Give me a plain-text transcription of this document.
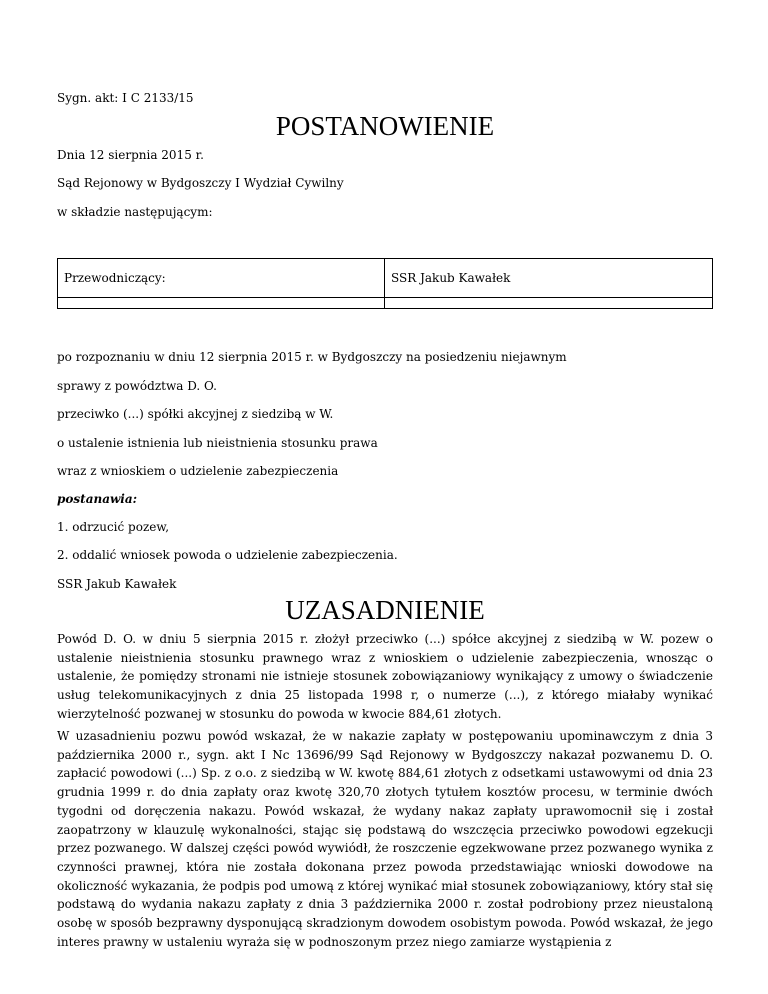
Sygn. akt: I C 2133/15
POSTANOWIENIE
Dnia 12 sierpnia 2015 r.
Sąd Rejonowy w Bydgoszczy I Wydział Cywilny
w składzie następującym:
Przewodniczący:	SSR Jakub Kawałek

po rozpoznaniu w dniu 12 sierpnia 2015 r. w Bydgoszczy na posiedzeniu niejawnym
sprawy z powództwa D. O.
przeciwko (...) spółki akcyjnej z siedzibą w W.
o ustalenie istnienia lub nieistnienia stosunku prawa
wraz z wnioskiem o udzielenie zabezpieczenia
postanawia:
1. odrzucić pozew,
2. oddalić wniosek powoda o udzielenie zabezpieczenia.
SSR Jakub Kawałek
UZASADNIENIE
Powód D. O. w dniu 5 sierpnia 2015 r. złożył przeciwko (...) spółce akcyjnej z siedzibą w W. pozew o ustalenie nieistnienia stosunku prawnego wraz z wnioskiem o udzielenie zabezpieczenia, wnosząc o ustalenie, że pomiędzy stronami nie istnieje stosunek zobowiązaniowy wynikający z umowy o świadczenie usług telekomunikacyjnych z dnia 25 listopada 1998 r, o numerze (...), z którego miałaby wynikać wierzytelność pozwanej w stosunku do powoda w kwocie 884,61 złotych.
W uzasadnieniu pozwu powód wskazał, że w nakazie zapłaty w postępowaniu upominawczym z dnia 3 października 2000 r., sygn. akt I Nc 13696/99 Sąd Rejonowy w Bydgoszczy nakazał pozwanemu D. O. zapłacić powodowi (...) Sp. z o.o. z siedzibą w W. kwotę 884,61 złotych z odsetkami ustawowymi od dnia 23 grudnia 1999 r. do dnia zapłaty oraz kwotę 320,70 złotych tytułem kosztów procesu, w terminie dwóch tygodni od doręczenia nakazu. Powód wskazał, że wydany nakaz zapłaty uprawomocnił się i został zaopatrzony w klauzulę wykonalności, stając się podstawą do wszczęcia przeciwko powodowi egzekucji przez pozwanego. W dalszej części powód wywiódł, że roszczenie egzekwowane przez pozwanego wynika z czynności prawnej, która nie została dokonana przez powoda przedstawiając wnioski dowodowe na okoliczność wykazania, że podpis pod umową z której wynikać miał stosunek zobowiązaniowy, który stał się podstawą do wydania nakazu zapłaty z dnia 3 października 2000 r. został podrobiony przez nieustaloną osobę w sposób bezprawny dysponującą skradzionym dowodem osobistym powoda. Powód wskazał, że jego interes prawny w ustaleniu wyraża się w podnoszonym przez niego zamiarze wystąpienia z
